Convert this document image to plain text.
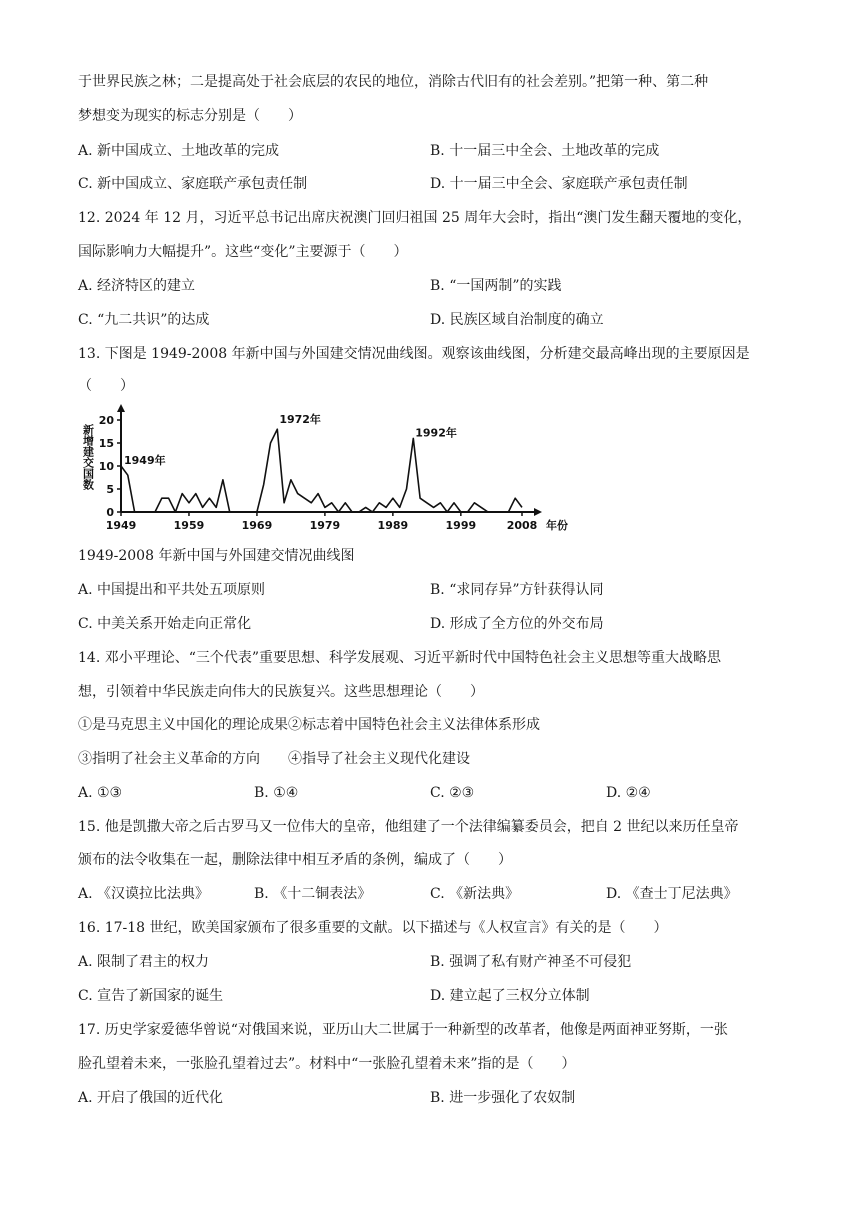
于世界民族之林；二是提高处于社会底层的农民的地位，消除古代旧有的社会差别。”把第一种、第二种
梦想变为现实的标志分别是（　　）
A. 新中国成立、土地改革的完成	B. 十一届三中全会、土地改革的完成
C. 新中国成立、家庭联产承包责任制	D. 十一届三中全会、家庭联产承包责任制
12. 2024 年 12 月，习近平总书记出席庆祝澳门回归祖国 25 周年大会时，指出“澳门发生翻天覆地的变化，
国际影响力大幅提升”。这些“变化”主要源于（　　）
A. 经济特区的建立	B. “一国两制”的实践
C. “九二共识”的达成	D. 民族区域自治制度的确立
13. 下图是 1949-2008 年新中国与外国建交情况曲线图。观察该曲线图，分析建交最高峰出现的主要原因是
（　　）
0
5
10
15
20
1949	1959	1969	1979	1989	1999	2008 年份
新增建交国数	1949年
1972年
1992年
1949-2008 年新中国与外国建交情况曲线图
A. 中国提出和平共处五项原则	B. “求同存异”方针获得认同
C. 中美关系开始走向正常化	D. 形成了全方位的外交布局
14. 邓小平理论、“三个代表”重要思想、科学发展观、习近平新时代中国特色社会主义思想等重大战略思
想，引领着中华民族走向伟大的民族复兴。这些思想理论（　　）
①是马克思主义中国化的理论成果②标志着中国特色社会主义法律体系形成
③指明了社会主义革命的方向　　④指导了社会主义现代化建设
A. ①③	B. ①④	C. ②③	D. ②④
15. 他是凯撒大帝之后古罗马又一位伟大的皇帝，他组建了一个法律编纂委员会，把自 2 世纪以来历任皇帝
颁布的法令收集在一起，删除法律中相互矛盾的条例，编成了（　　）
A. 《汉谟拉比法典》	B. 《十二铜表法》	C. 《新法典》	D. 《查士丁尼法典》
16. 17-18 世纪，欧美国家颁布了很多重要的文献。以下描述与《人权宣言》有关的是（　　）
A. 限制了君主的权力	B. 强调了私有财产神圣不可侵犯
C. 宣告了新国家的诞生	D. 建立起了三权分立体制
17. 历史学家爱德华曾说“对俄国来说，亚历山大二世属于一种新型的改革者，他像是两面神亚努斯，一张
脸孔望着未来，一张脸孔望着过去”。材料中“一张脸孔望着未来”指的是（　　）
A. 开启了俄国的近代化	B. 进一步强化了农奴制
